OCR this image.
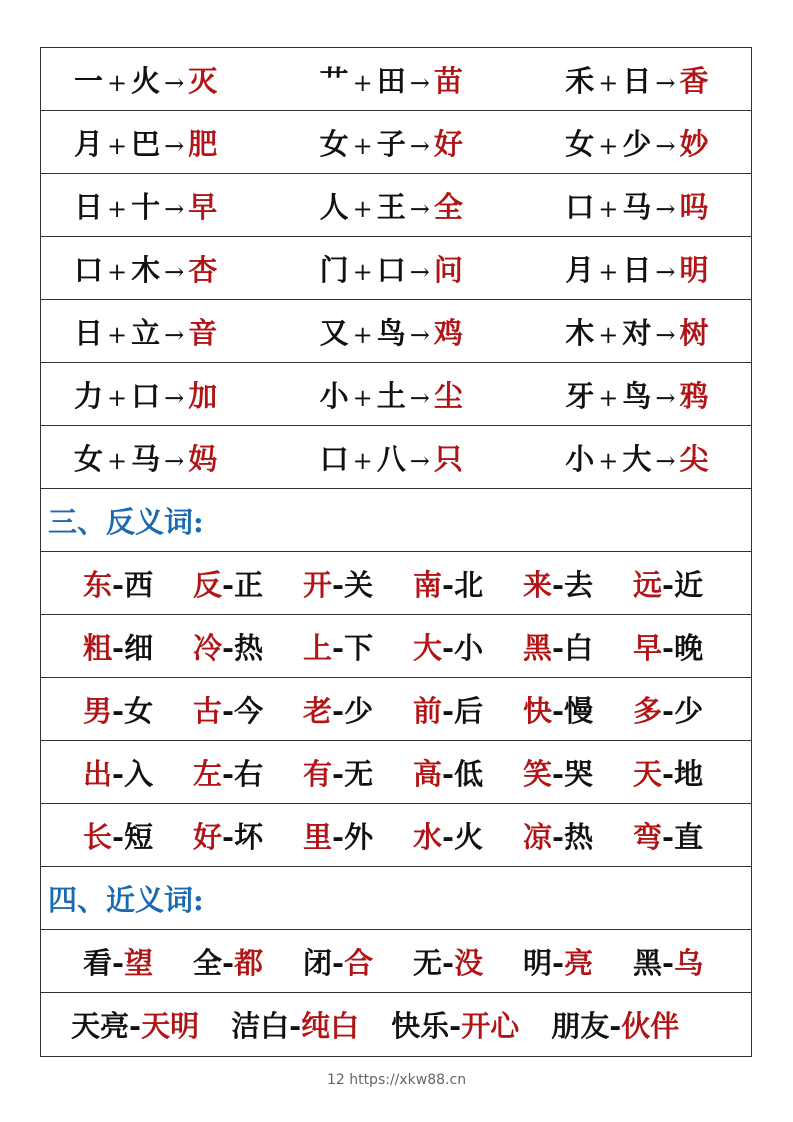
一 + 火 → 灭	艹 + 田 → 苗	禾 + 日 → 香
月 + 巴 → 肥	女 + 子 → 好	女 + 少 → 妙
日 + 十 → 早	人 + 王 → 全	口 + 马 → 吗
口 + 木 → 杏	门 + 口 → 问	月 + 日 → 明
日 + 立 → 音	又 + 鸟 → 鸡	木 + 对 → 树
力 + 口 → 加	小 + 土 → 尘	牙 + 鸟 → 鸦
女 + 马 → 妈	口 + 八 → 只	小 + 大 → 尖
三、反义词:
东-西	反-正	开-关	南-北	来-去	远-近
粗-细	冷-热	上-下	大-小	黑-白	早-晚
男-女	古-今	老-少	前-后	快-慢	多-少
出-入	左-右	有-无	高-低	笑-哭	天-地
长-短	好-坏	里-外	水-火	凉-热	弯-直
四、近义词:
看-望	全-都	闭-合	无-没	明-亮	黑-乌
天亮-天明 洁白-纯白 快乐-开心 朋友-伙伴
12 https://xkw88.cn
